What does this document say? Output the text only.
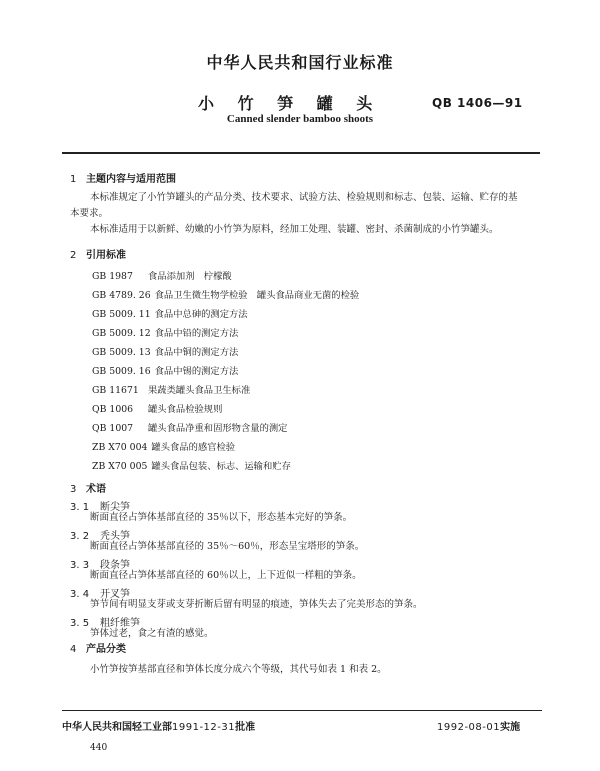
中华人民共和国行业标准
小 竹 笋 罐 头	QB 1406—91
Canned slender bamboo shoots
1 主题内容与适用范围
本标准规定了小竹笋罐头的产品分类、技术要求、试验方法、检验规则和标志、包装、运输、贮存的基
本要求。
本标准适用于以新鲜、幼嫩的小竹笋为原料，经加工处理、装罐、密封、杀菌制成的小竹笋罐头。
2 引用标准
GB 1987 食品添加剂　柠檬酸
GB 4789. 26 食品卫生微生物学检验　罐头食品商业无菌的检验
GB 5009. 11 食品中总砷的测定方法
GB 5009. 12 食品中铅的测定方法
GB 5009. 13 食品中铜的测定方法
GB 5009. 16 食品中锡的测定方法
GB 11671 果蔬类罐头食品卫生标准
QB 1006 罐头食品检验规则
QB 1007 罐头食品净重和固形物含量的测定
ZB X70 004 罐头食品的感官检验
ZB X70 005 罐头食品包装、标志、运输和贮存
3 术语
3. 1 断尖笋
断面直径占笋体基部直径的 35％以下，形态基本完好的笋条。
3. 2 秃头笋
断面直径占笋体基部直径的 35％～60％，形态呈宝塔形的笋条。
3. 3 段条笋
断面直径占笋体基部直径的 60％以上，上下近似一样粗的笋条。
3. 4 开叉笋
笋节间有明显支芽或支芽折断后留有明显的痕迹，笋体失去了完美形态的笋条。
3. 5 粗纤维笋
笋体过老，食之有渣的感觉。
4 产品分类
中华人民共和国轻工业部1991-12-31批准	1992-08-01实施
440
小竹笋按笋基部直径和笋体长度分成六个等级，其代号如表 1 和表 2。
